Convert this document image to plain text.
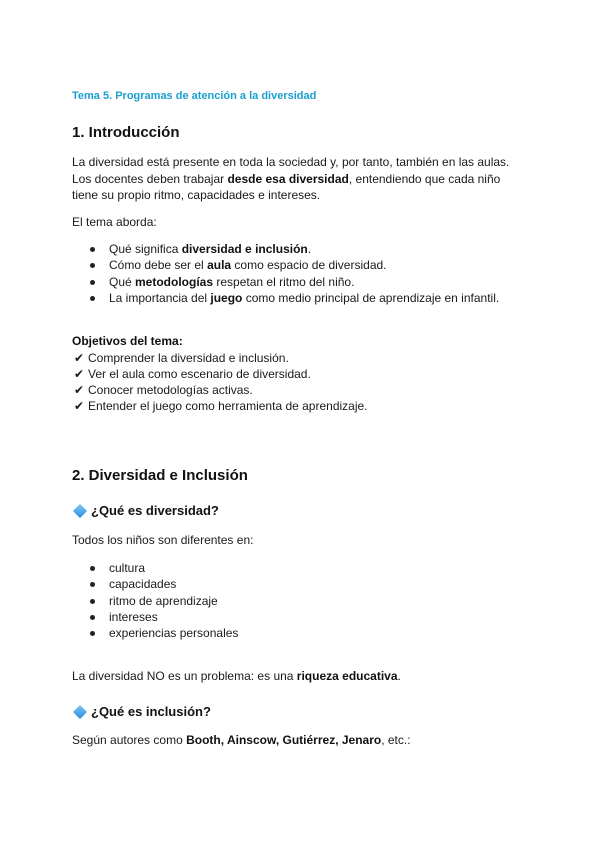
Tema 5. Programas de atención a la diversidad
1. Introducción
La diversidad está presente en toda la sociedad y, por tanto, también en las aulas.
Los docentes deben trabajar desde esa diversidad, entendiendo que cada niño
tiene su propio ritmo, capacidades e intereses.
El tema aborda:
Qué significa diversidad e inclusión.
Cómo debe ser el aula como espacio de diversidad.
Qué metodologías respetan el ritmo del niño.
La importancia del juego como medio principal de aprendizaje en infantil.
Objetivos del tema:
✔ Comprender la diversidad e inclusión.
✔ Ver el aula como escenario de diversidad.
✔ Conocer metodologías activas.
✔ Entender el juego como herramienta de aprendizaje.
2. Diversidad e Inclusión
¿Qué es diversidad?
Todos los niños son diferentes en:
cultura
capacidades
ritmo de aprendizaje
intereses
experiencias personales
La diversidad NO es un problema: es una riqueza educativa.
¿Qué es inclusión?
Según autores como Booth, Ainscow, Gutiérrez, Jenaro, etc.:
